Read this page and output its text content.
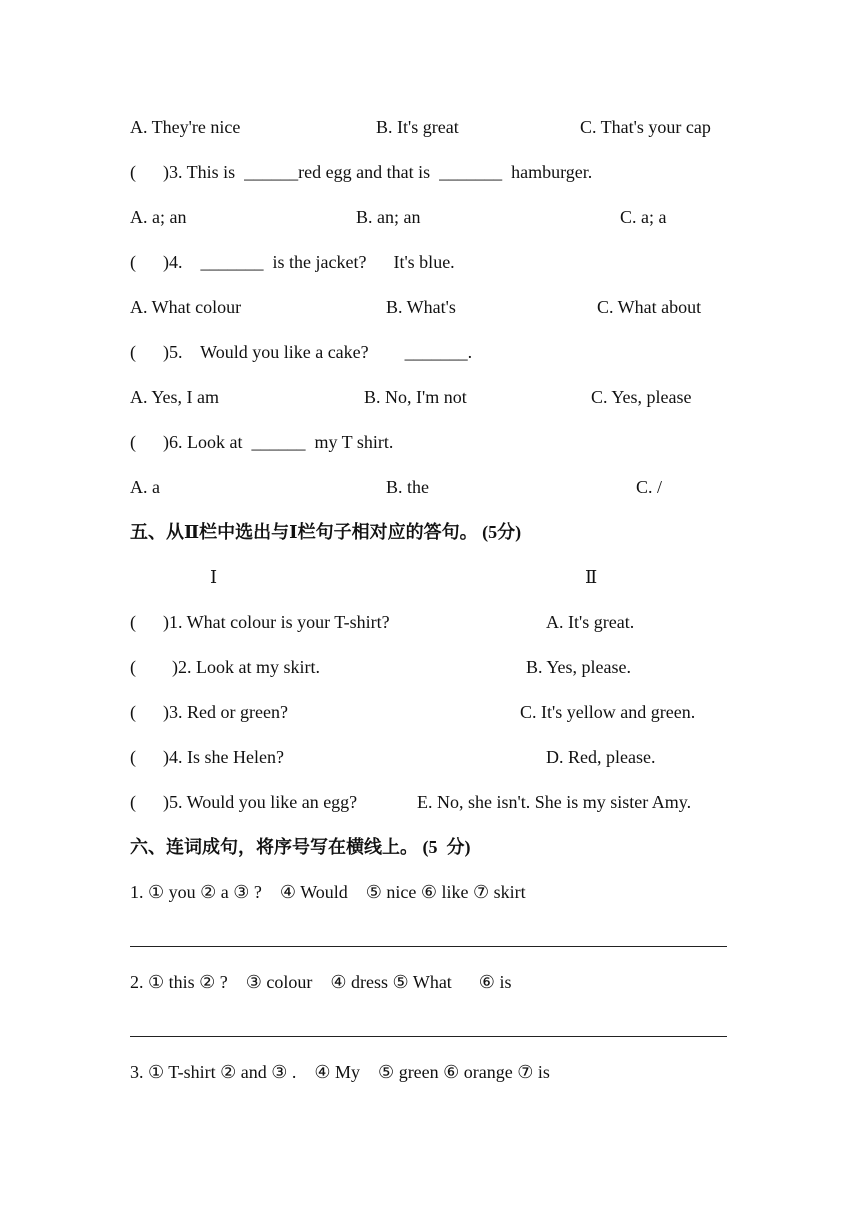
A. They're nice	B. It's great	C. That's your cap
(      )3. This is  ______red egg and that is  _______  hamburger.
A. a; an	B. an; an	C. a; a
(      )4.    _______  is the jacket?      It's blue.
A. What colour	B. What's	C. What about
(      )5.    Would you like a cake?        _______.
A. Yes, I am	B. No, I'm not	C. Yes, please
(      )6. Look at  ______  my T shirt.
A. a	B. the	C. /
五、从Ⅱ栏中选出与Ⅰ栏句子相对应的答句。 (5分)
Ⅰ	Ⅱ
(      )1. What colour is your T-shirt?	A. It's great.
(        )2. Look at my skirt.	B. Yes, please.
(      )3. Red or green?	C. It's yellow and green.
(      )4. Is she Helen?	D. Red, please.
(      )5. Would you like an egg?	E. No, she isn't. She is my sister Amy.
六、连词成句，将序号写在横线上。 (5  分)
1. ① you ② a ③ ?    ④ Would    ⑤ nice ⑥ like ⑦ skirt
2. ① this ② ?    ③ colour    ④ dress ⑤ What      ⑥ is
3. ① T-shirt ② and ③ .    ④ My    ⑤ green ⑥ orange ⑦ is
